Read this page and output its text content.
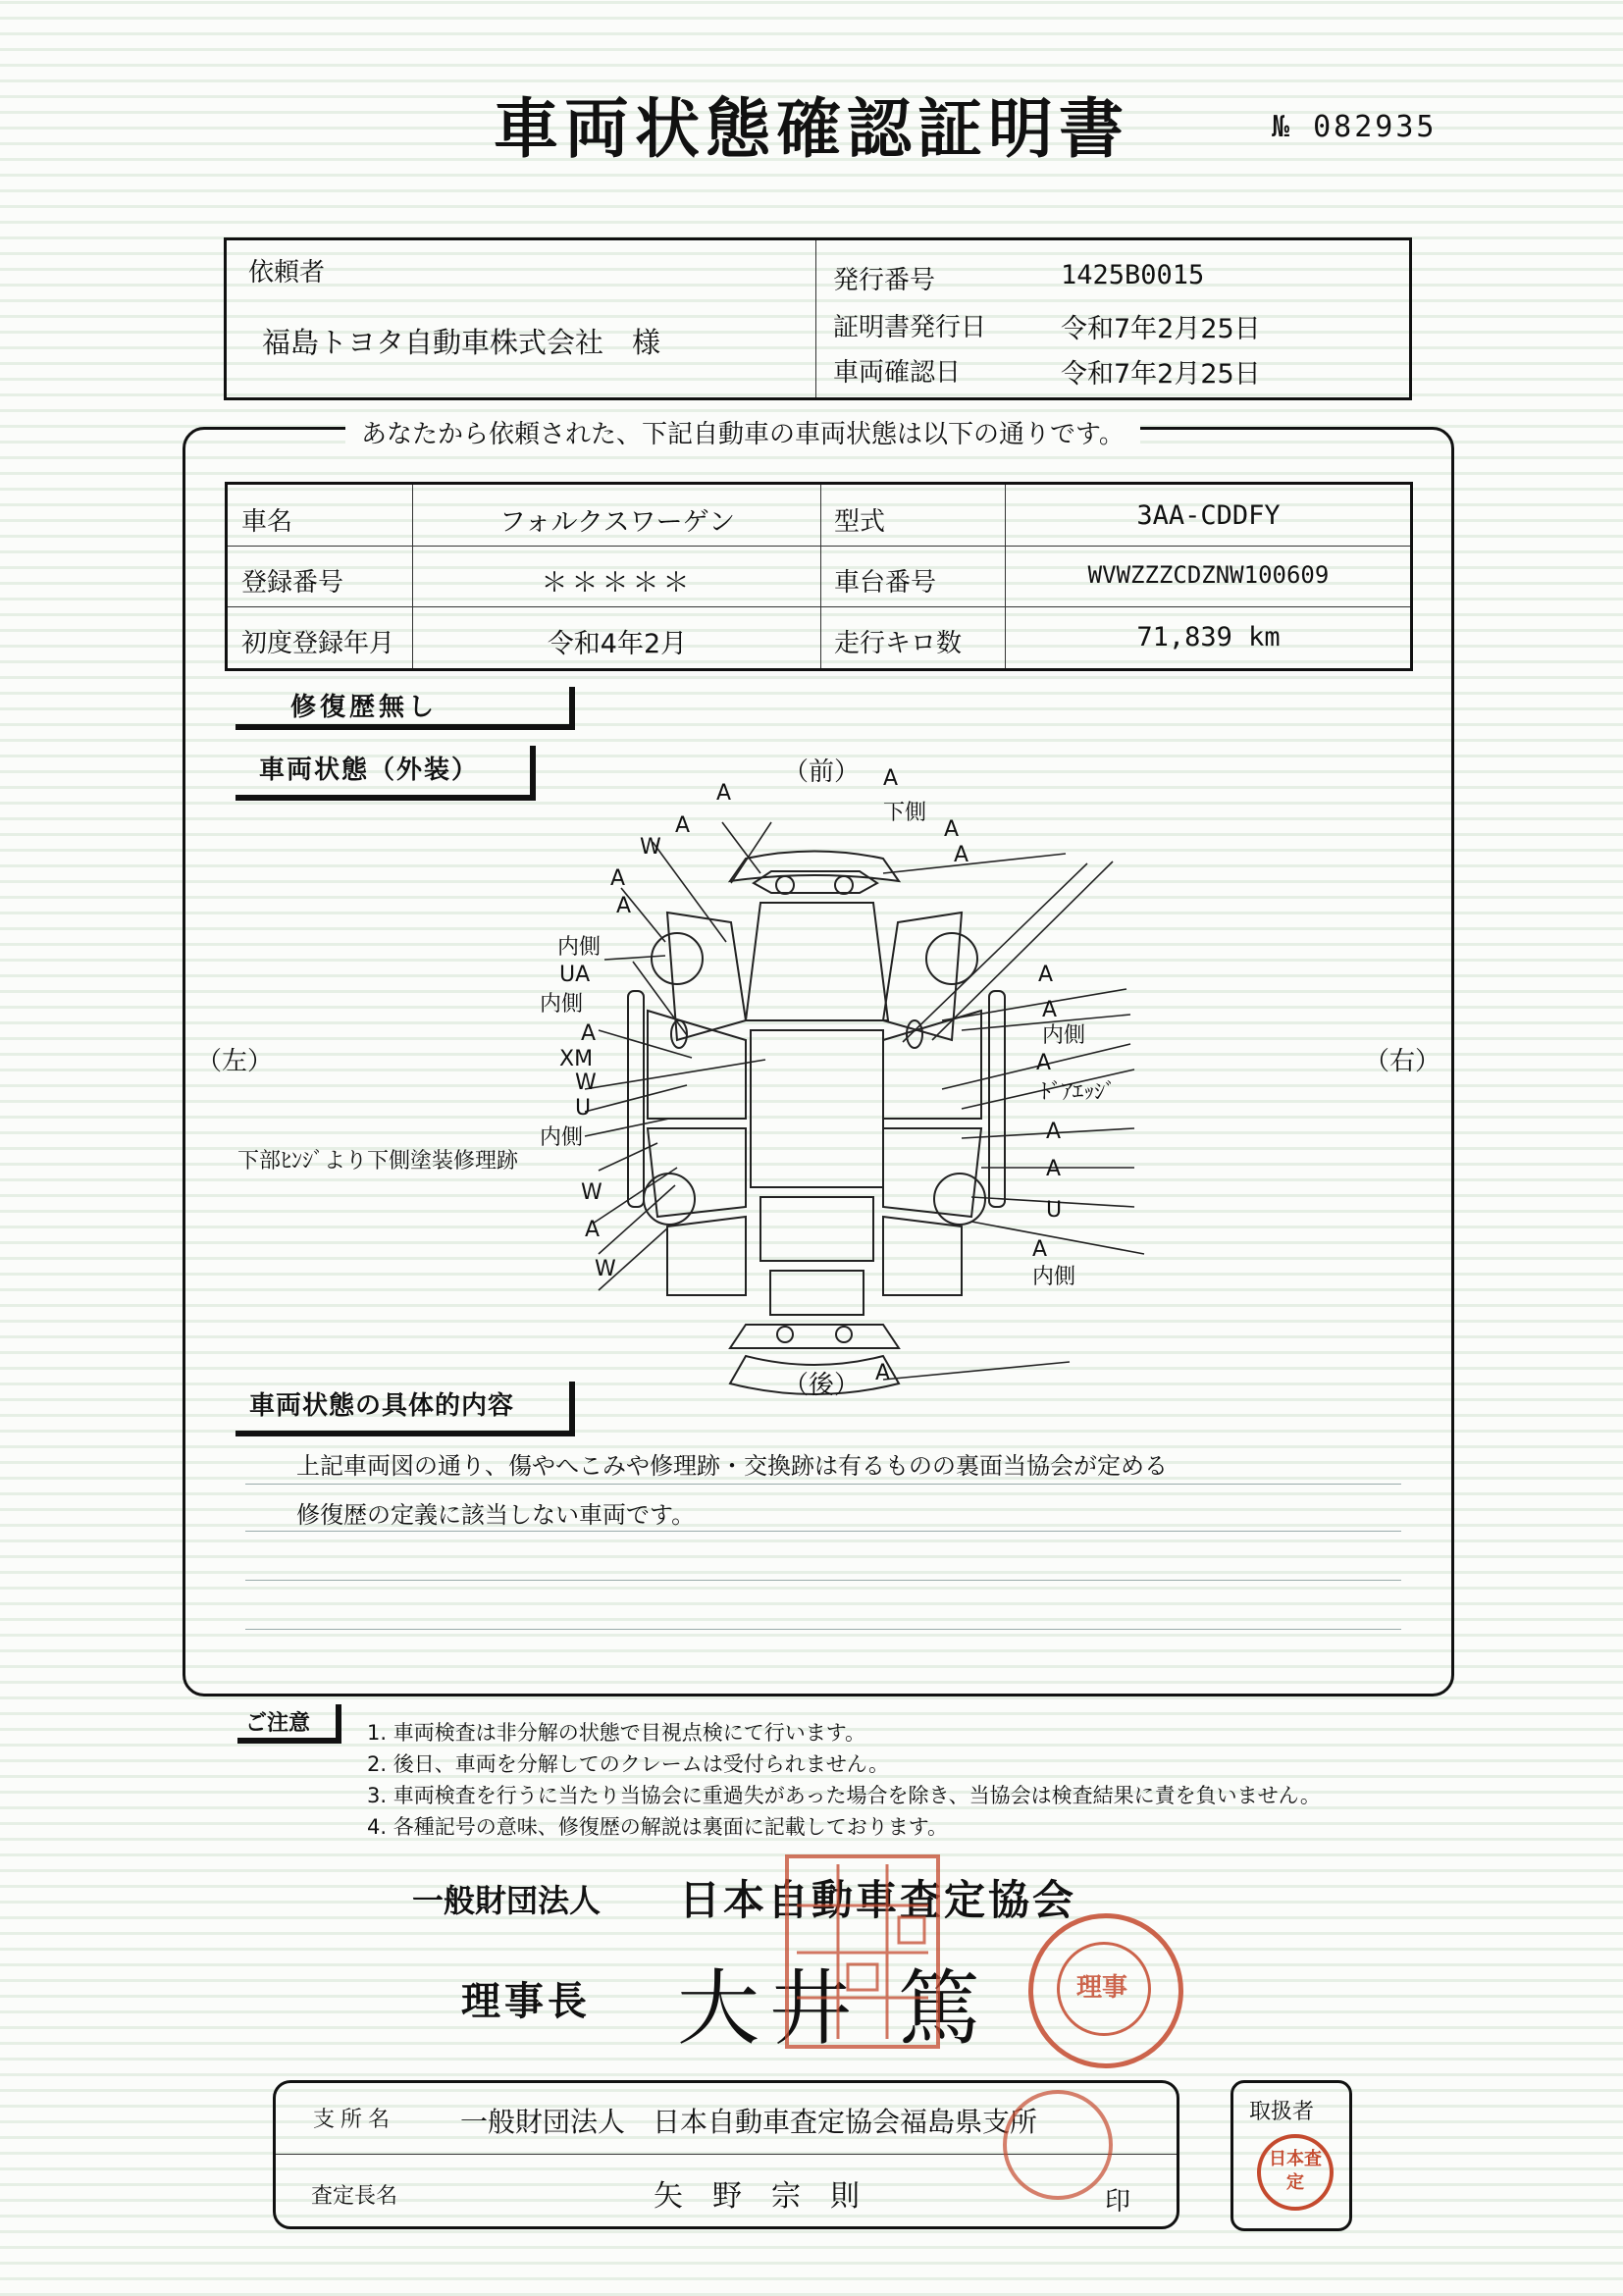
車両状態確認証明書	№ 082935
依頼者
福島トヨタ自動車株式会社　様
発行番号	1425B0015
証明書発行日	令和7年2月25日
車両確認日	令和7年2月25日
あなたから依頼された、下記自動車の車両状態は以下の通りです。
車名	フォルクスワーゲン	型式	3AA-CDDFY
登録番号	＊＊＊＊＊	車台番号	WVWZZZCDZNW100609
初度登録年月	令和4年2月	走行キロ数	71,839 km
修復歴無し
車両状態（外装）	（前）
（後）
（左）	（右）
A
A
下側
A	A
A
W
A
A
内側
UA
内側
A
XM
W
U
内側
下部ﾋﾝｼﾞより下側塗装修理跡
W
A
W
A
A
内側
A
ﾄﾞｱｴｯｼﾞ
A
A
U
A
内側
A
車両状態の具体的内容
上記車両図の通り、傷やへこみや修理跡・交換跡は有るものの裏面当協会が定める
修復歴の定義に該当しない車両です。
ご注意	1. 車両検査は非分解の状態で目視点検にて行います。
2. 後日、車両を分解してのクレームは受付られません。
3. 車両検査を行うに当たり当協会に重過失があった場合を除き、当協会は検査結果に責を負いません。
4. 各種記号の意味、修復歴の解説は裏面に記載しております。
一般財団法人 日本自動車査定協会
理事長 大井 篤	理事
支所名 一般財団法人　日本自動車査定協会福島県支所
査定長名	矢　野　宗　則	印
取扱者
日本査定
